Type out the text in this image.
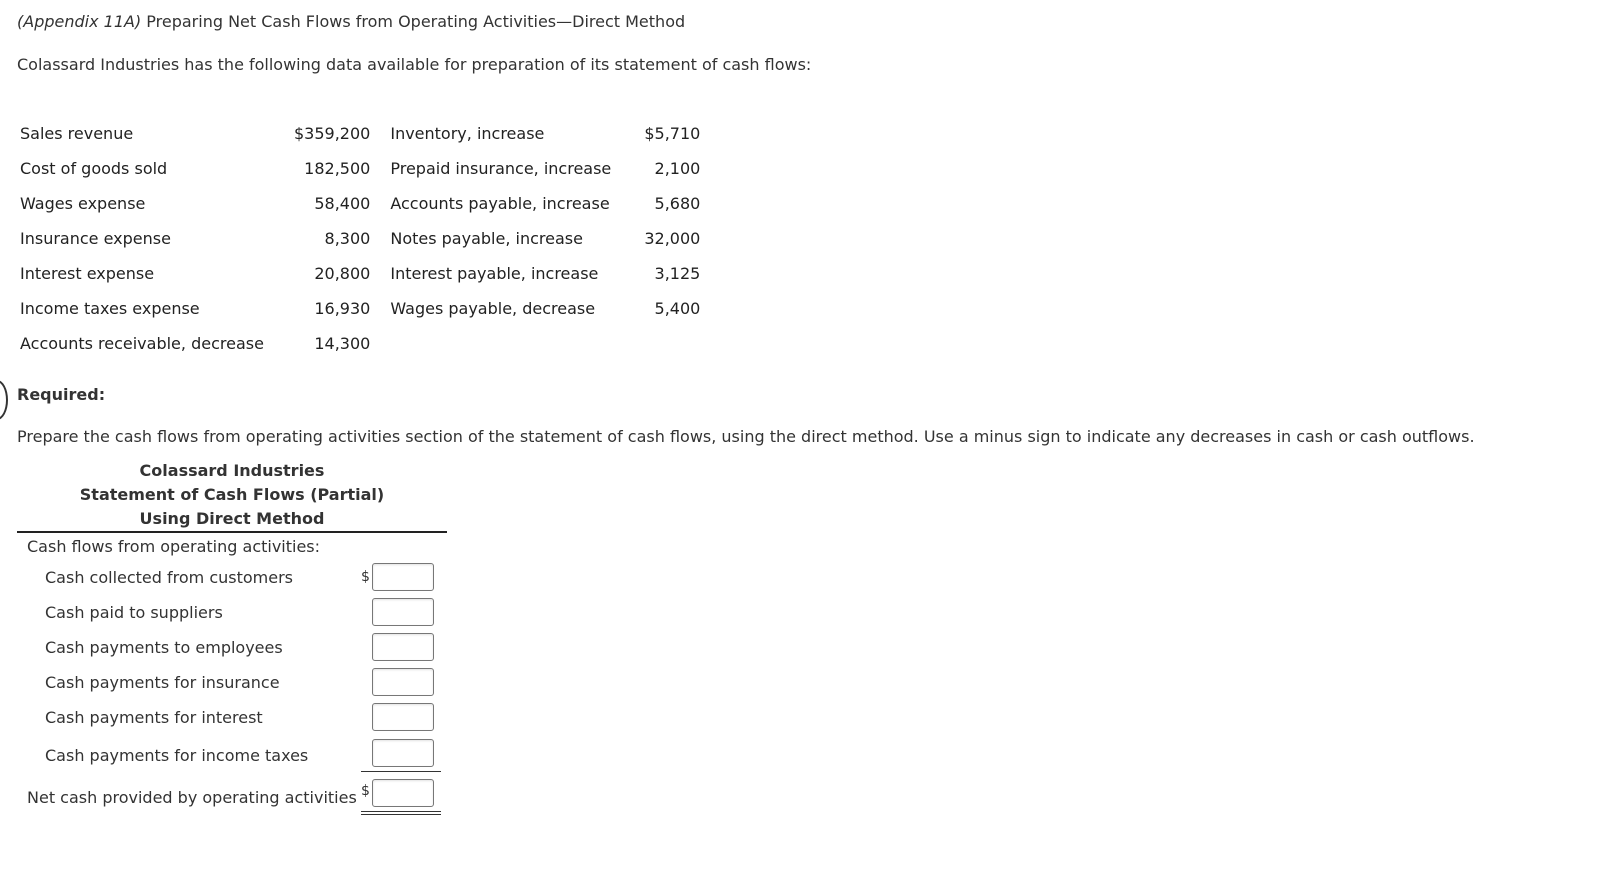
(Appendix 11A) Preparing Net Cash Flows from Operating Activities—Direct Method
Colassard Industries has the following data available for preparation of its statement of cash flows:
Sales revenue	$359,200	Inventory, increase	$5,710
Cost of goods sold	182,500	Prepaid insurance, increase	2,100
Wages expense	58,400	Accounts payable, increase	5,680
Insurance expense	8,300	Notes payable, increase	32,000
Interest expense	20,800	Interest payable, increase	3,125
Income taxes expense	16,930	Wages payable, decrease	5,400
Accounts receivable, decrease	14,300		
Required:
Prepare the cash flows from operating activities section of the statement of cash flows, using the direct method. Use a minus sign to indicate any decreases in cash or cash outflows.
Colassard Industries
Statement of Cash Flows (Partial)
Using Direct Method
Cash flows from operating activities:
Cash collected from customers	$
Cash paid to suppliers
Cash payments to employees
Cash payments for insurance
Cash payments for interest
Cash payments for income taxes
Net cash provided by operating activities $
